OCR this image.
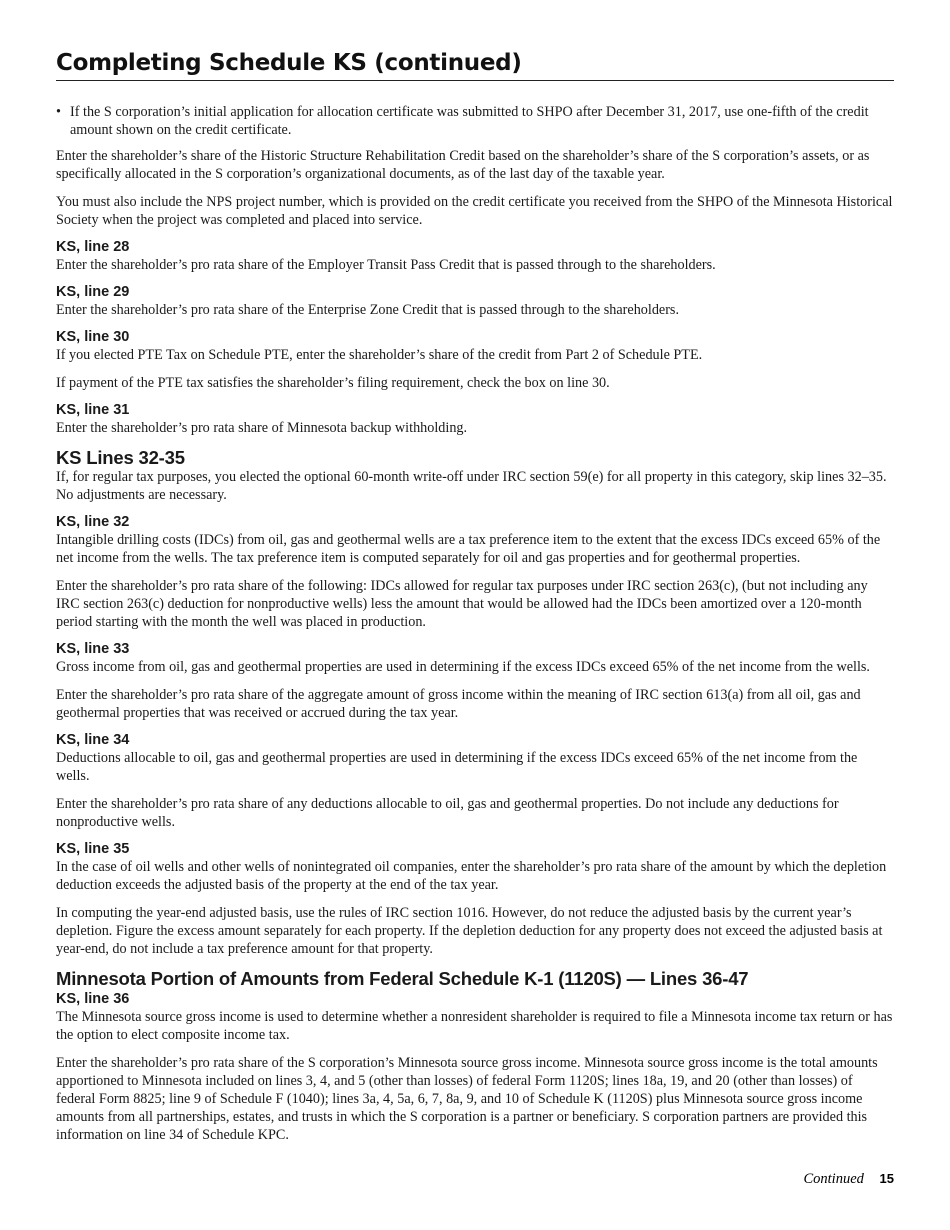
Completing Schedule KS (continued)
• If the S corporation’s initial application for allocation certificate was submitted to SHPO after December 31, 2017, use one-fifth of the credit amount shown on the credit certificate.

Enter the shareholder’s share of the Historic Structure Rehabilitation Credit based on the shareholder’s share of the S corporation’s assets, or as specifically allocated in the S corporation’s organizational documents, as of the last day of the taxable year.

You must also include the NPS project number, which is provided on the credit certificate you received from the SHPO of the Minnesota Historical Society when the project was completed and placed into service.

KS, line 28

Enter the shareholder’s pro rata share of the Employer Transit Pass Credit that is passed through to the shareholders.

KS, line 29

Enter the shareholder’s pro rata share of the Enterprise Zone Credit that is passed through to the shareholders.

KS, line 30

If you elected PTE Tax on Schedule PTE, enter the shareholder’s share of the credit from Part 2 of Schedule PTE.

If payment of the PTE tax satisfies the shareholder’s filing requirement, check the box on line 30.

KS, line 31

Enter the shareholder’s pro rata share of Minnesota backup withholding.

KS Lines 32-35

If, for regular tax purposes, you elected the optional 60-month write-off under IRC section 59(e) for all property in this category, skip lines 32–35. No adjustments are necessary.

KS, line 32

Intangible drilling costs (IDCs) from oil, gas and geothermal wells are a tax preference item to the extent that the excess IDCs exceed 65% of the net income from the wells. The tax preference item is computed separately for oil and gas properties and for geothermal properties.

Enter the shareholder’s pro rata share of the following: IDCs allowed for regular tax purposes under IRC section 263(c), (but not including any IRC section 263(c) deduction for nonproductive wells) less the amount that would be allowed had the IDCs been amortized over a 120-month period starting with the month the well was placed in production.

KS, line 33

Gross income from oil, gas and geothermal properties are used in determining if the excess IDCs exceed 65% of the net income from the wells.

Enter the shareholder’s pro rata share of the aggregate amount of gross income within the meaning of IRC section 613(a) from all oil, gas and geothermal properties that was received or accrued during the tax year.

KS, line 34

Deductions allocable to oil, gas and geothermal properties are used in determining if the excess IDCs exceed 65% of the net income from the wells.

Enter the shareholder’s pro rata share of any deductions allocable to oil, gas and geothermal properties. Do not include any deductions for nonproductive wells.

KS, line 35

In the case of oil wells and other wells of nonintegrated oil companies, enter the shareholder’s pro rata share of the amount by which the depletion deduction exceeds the adjusted basis of the property at the end of the tax year.

In computing the year-end adjusted basis, use the rules of IRC section 1016. However, do not reduce the adjusted basis by the current year’s depletion. Figure the excess amount separately for each property. If the depletion deduction for any property does not exceed the adjusted basis at year-end, do not include a tax preference amount for that property.

Minnesota Portion of Amounts from Federal Schedule K-1 (1120S) — Lines 36-47
KS, line 36

The Minnesota source gross income is used to determine whether a nonresident shareholder is required to file a Minnesota income tax return or has the option to elect composite income tax.

Enter the shareholder’s pro rata share of the S corporation’s Minnesota source gross income. Minnesota source gross income is the total amounts apportioned to Minnesota included on lines 3, 4, and 5 (other than losses) of federal Form 1120S; lines 18a, 19, and 20 (other than losses) of federal Form 8825; line 9 of Schedule F (1040); lines 3a, 4, 5a, 6, 7, 8a, 9, and 10 of Schedule K (1120S) plus Minnesota source gross income amounts from all partnerships, estates, and trusts in which the S corporation is a partner or beneficiary. S corporation partners are provided this information on line 34 of Schedule KPC.

Continued 15
